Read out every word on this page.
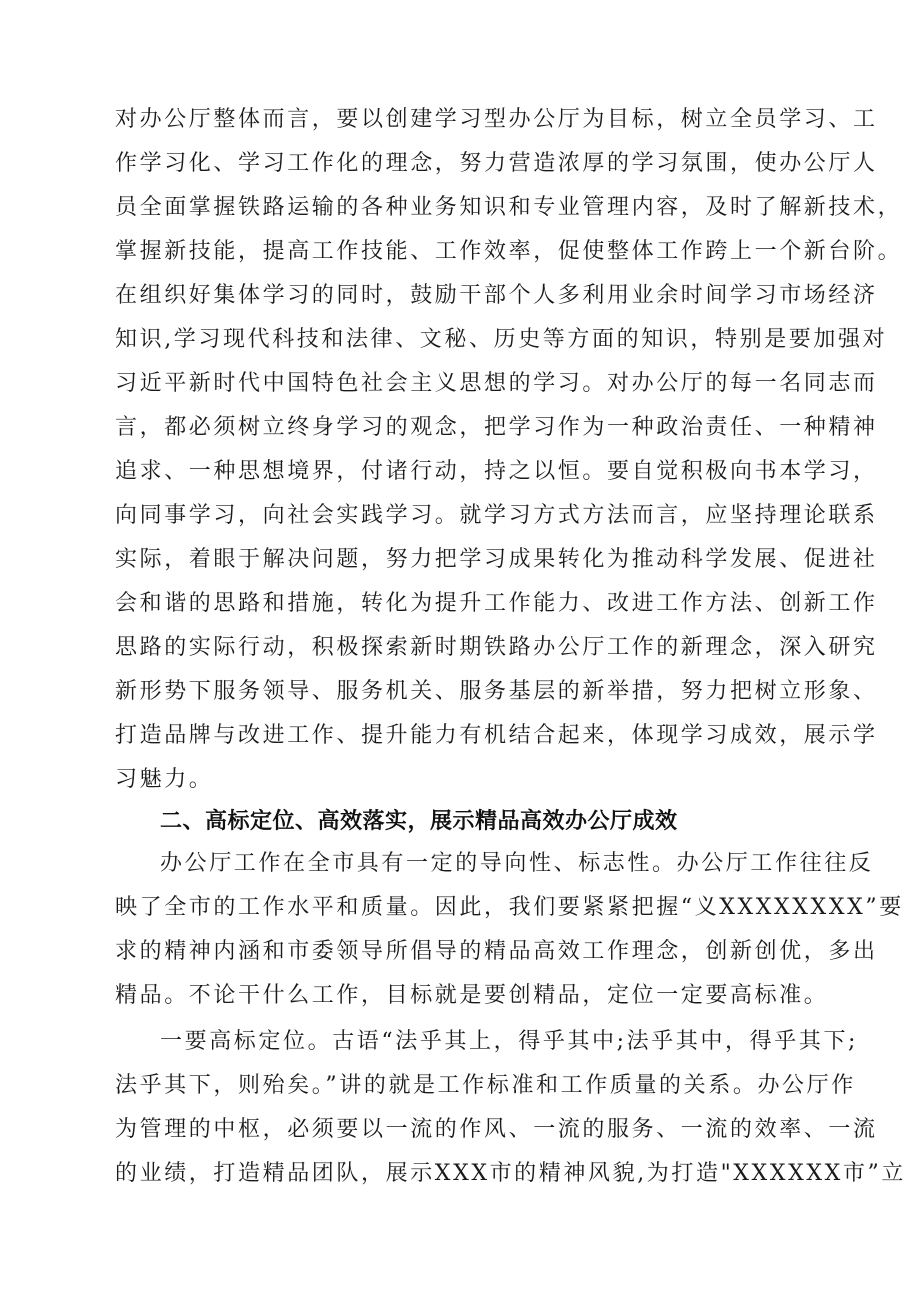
对办公厅整体而言，要以创建学习型办公厅为目标，树立全员学习、工
作学习化、学习工作化的理念，努力营造浓厚的学习氛围，使办公厅人
员全面掌握铁路运输的各种业务知识和专业管理内容，及时了解新技术，
掌握新技能，提高工作技能、工作效率，促使整体工作跨上一个新台阶。
在组织好集体学习的同时，鼓励干部个人多利用业余时间学习市场经济
知识,学习现代科技和法律、文秘、历史等方面的知识，特别是要加强对
习近平新时代中国特色社会主义思想的学习。对办公厅的每一名同志而
言，都必须树立终身学习的观念，把学习作为一种政治责任、一种精神
追求、一种思想境界，付诸行动，持之以恒。要自觉积极向书本学习，
向同事学习，向社会实践学习。就学习方式方法而言，应坚持理论联系
实际，着眼于解决问题，努力把学习成果转化为推动科学发展、促进社
会和谐的思路和措施，转化为提升工作能力、改进工作方法、创新工作
思路的实际行动，积极探索新时期铁路办公厅工作的新理念，深入研究
新形势下服务领导、服务机关、服务基层的新举措，努力把树立形象、
打造品牌与改进工作、提升能力有机结合起来，体现学习成效，展示学
习魅力。
二、高标定位、高效落实，展示精品高效办公厅成效
办公厅工作在全市具有一定的导向性、标志性。办公厅工作往往反
映了全市的工作水平和质量。因此，我们要紧紧把握“义XXXXXXXX”要
求的精神内涵和市委领导所倡导的精品高效工作理念，创新创优，多出
精品。不论干什么工作，目标就是要创精品，定位一定要高标准。
一要高标定位。古语“法乎其上，得乎其中;法乎其中，得乎其下;
法乎其下，则殆矣。”讲的就是工作标准和工作质量的关系。办公厅作
为管理的中枢，必须要以一流的作风、一流的服务、一流的效率、一流
的业绩，打造精品团队，展示XXX市的精神风貌,为打造"XXXXXX市”立
